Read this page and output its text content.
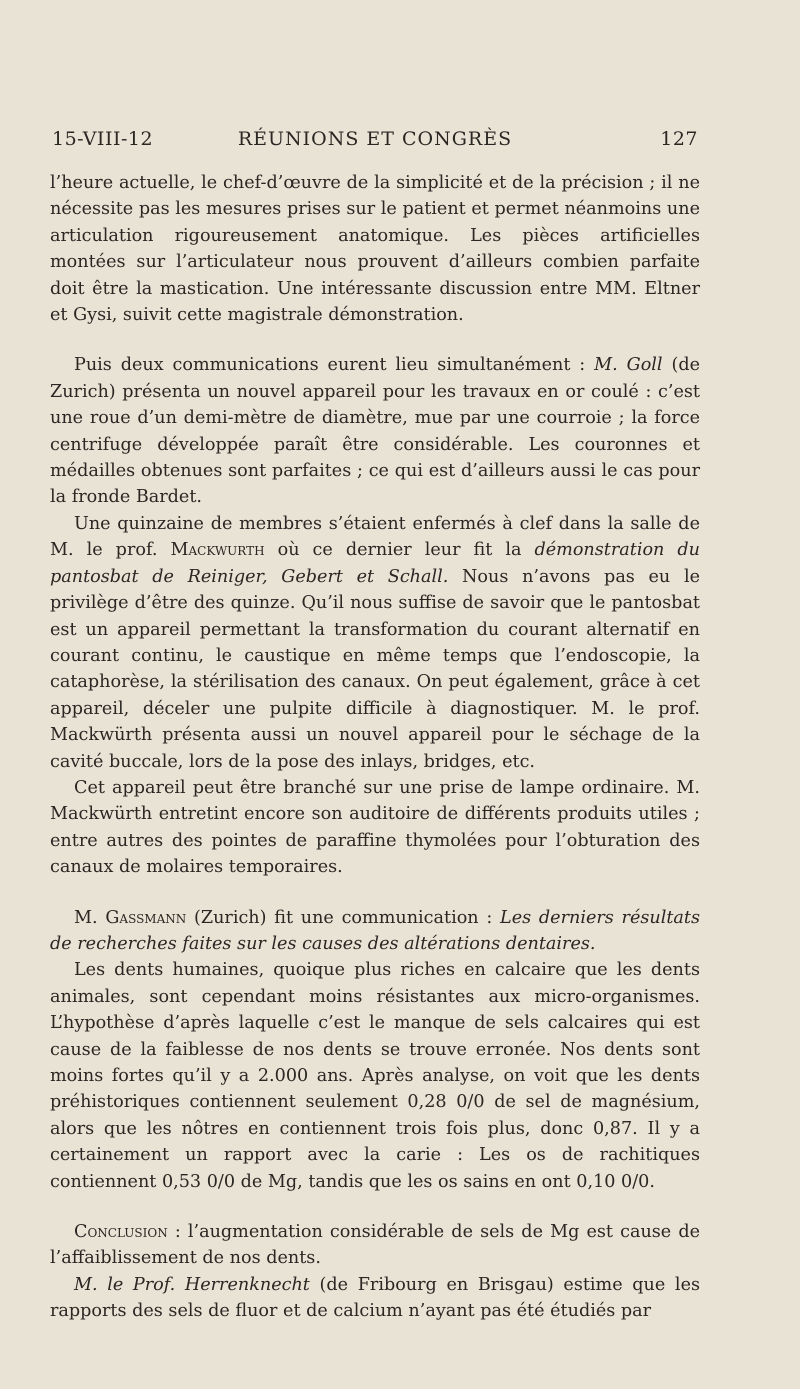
15-VIII-12	RÉUNIONS ET CONGRÈS	127

l’heure actuelle, le chef-d’œuvre de la simplicité et de la précision ; il ne nécessite pas les mesures prises sur le patient et permet néanmoins une articulation rigoureusement anatomique. Les pièces artificielles montées sur l’articulateur nous prouvent d’ailleurs combien parfaite doit être la mastication. Une intéressante discussion entre MM. Eltner et Gysi, suivit cette magistrale démonstration.

Puis deux communications eurent lieu simultanément : M. Goll (de Zurich) présenta un nouvel appareil pour les travaux en or coulé : c’est une roue d’un demi-mètre de diamètre, mue par une courroie ; la force centrifuge développée paraît être considérable. Les couronnes et médailles obtenues sont parfaites ; ce qui est d’ailleurs aussi le cas pour la fronde Bardet.

Une quinzaine de membres s’étaient enfermés à clef dans la salle de M. le prof. Mackwurth où ce dernier leur fit la démonstration du pantosbat de Reiniger, Gebert et Schall. Nous n’avons pas eu le privilège d’être des quinze. Qu’il nous suffise de savoir que le pantosbat est un appareil permettant la transformation du courant alternatif en courant continu, le caustique en même temps que l’endoscopie, la cataphorèse, la stérilisation des canaux. On peut également, grâce à cet appareil, déceler une pulpite difficile à diagnostiquer. M. le prof. Mackwürth présenta aussi un nouvel appareil pour le séchage de la cavité buccale, lors de la pose des inlays, bridges, etc.

Cet appareil peut être branché sur une prise de lampe ordinaire. M. Mackwürth entretint encore son auditoire de différents produits utiles ; entre autres des pointes de paraffine thymolées pour l’obturation des canaux de molaires temporaires.

M. Gassmann (Zurich) fit une communication : Les derniers résultats de recherches faites sur les causes des altérations dentaires.

Les dents humaines, quoique plus riches en calcaire que les dents animales, sont cependant moins résistantes aux micro-organismes. L’hypothèse d’après laquelle c’est le manque de sels calcaires qui est cause de la faiblesse de nos dents se trouve erronée. Nos dents sont moins fortes qu’il y a 2.000 ans. Après analyse, on voit que les dents préhistoriques contiennent seulement 0,28 0/0 de sel de magnésium, alors que les nôtres en contiennent trois fois plus, donc 0,87. Il y a certainement un rapport avec la carie : Les os de rachitiques contiennent 0,53 0/0 de Mg, tandis que les os sains en ont 0,10 0/0.

Conclusion : l’augmentation considérable de sels de Mg est cause de l’affaiblissement de nos dents.

M. le Prof. Herrenknecht (de Fribourg en Brisgau) estime que les rapports des sels de fluor et de calcium n’ayant pas été étudiés par
